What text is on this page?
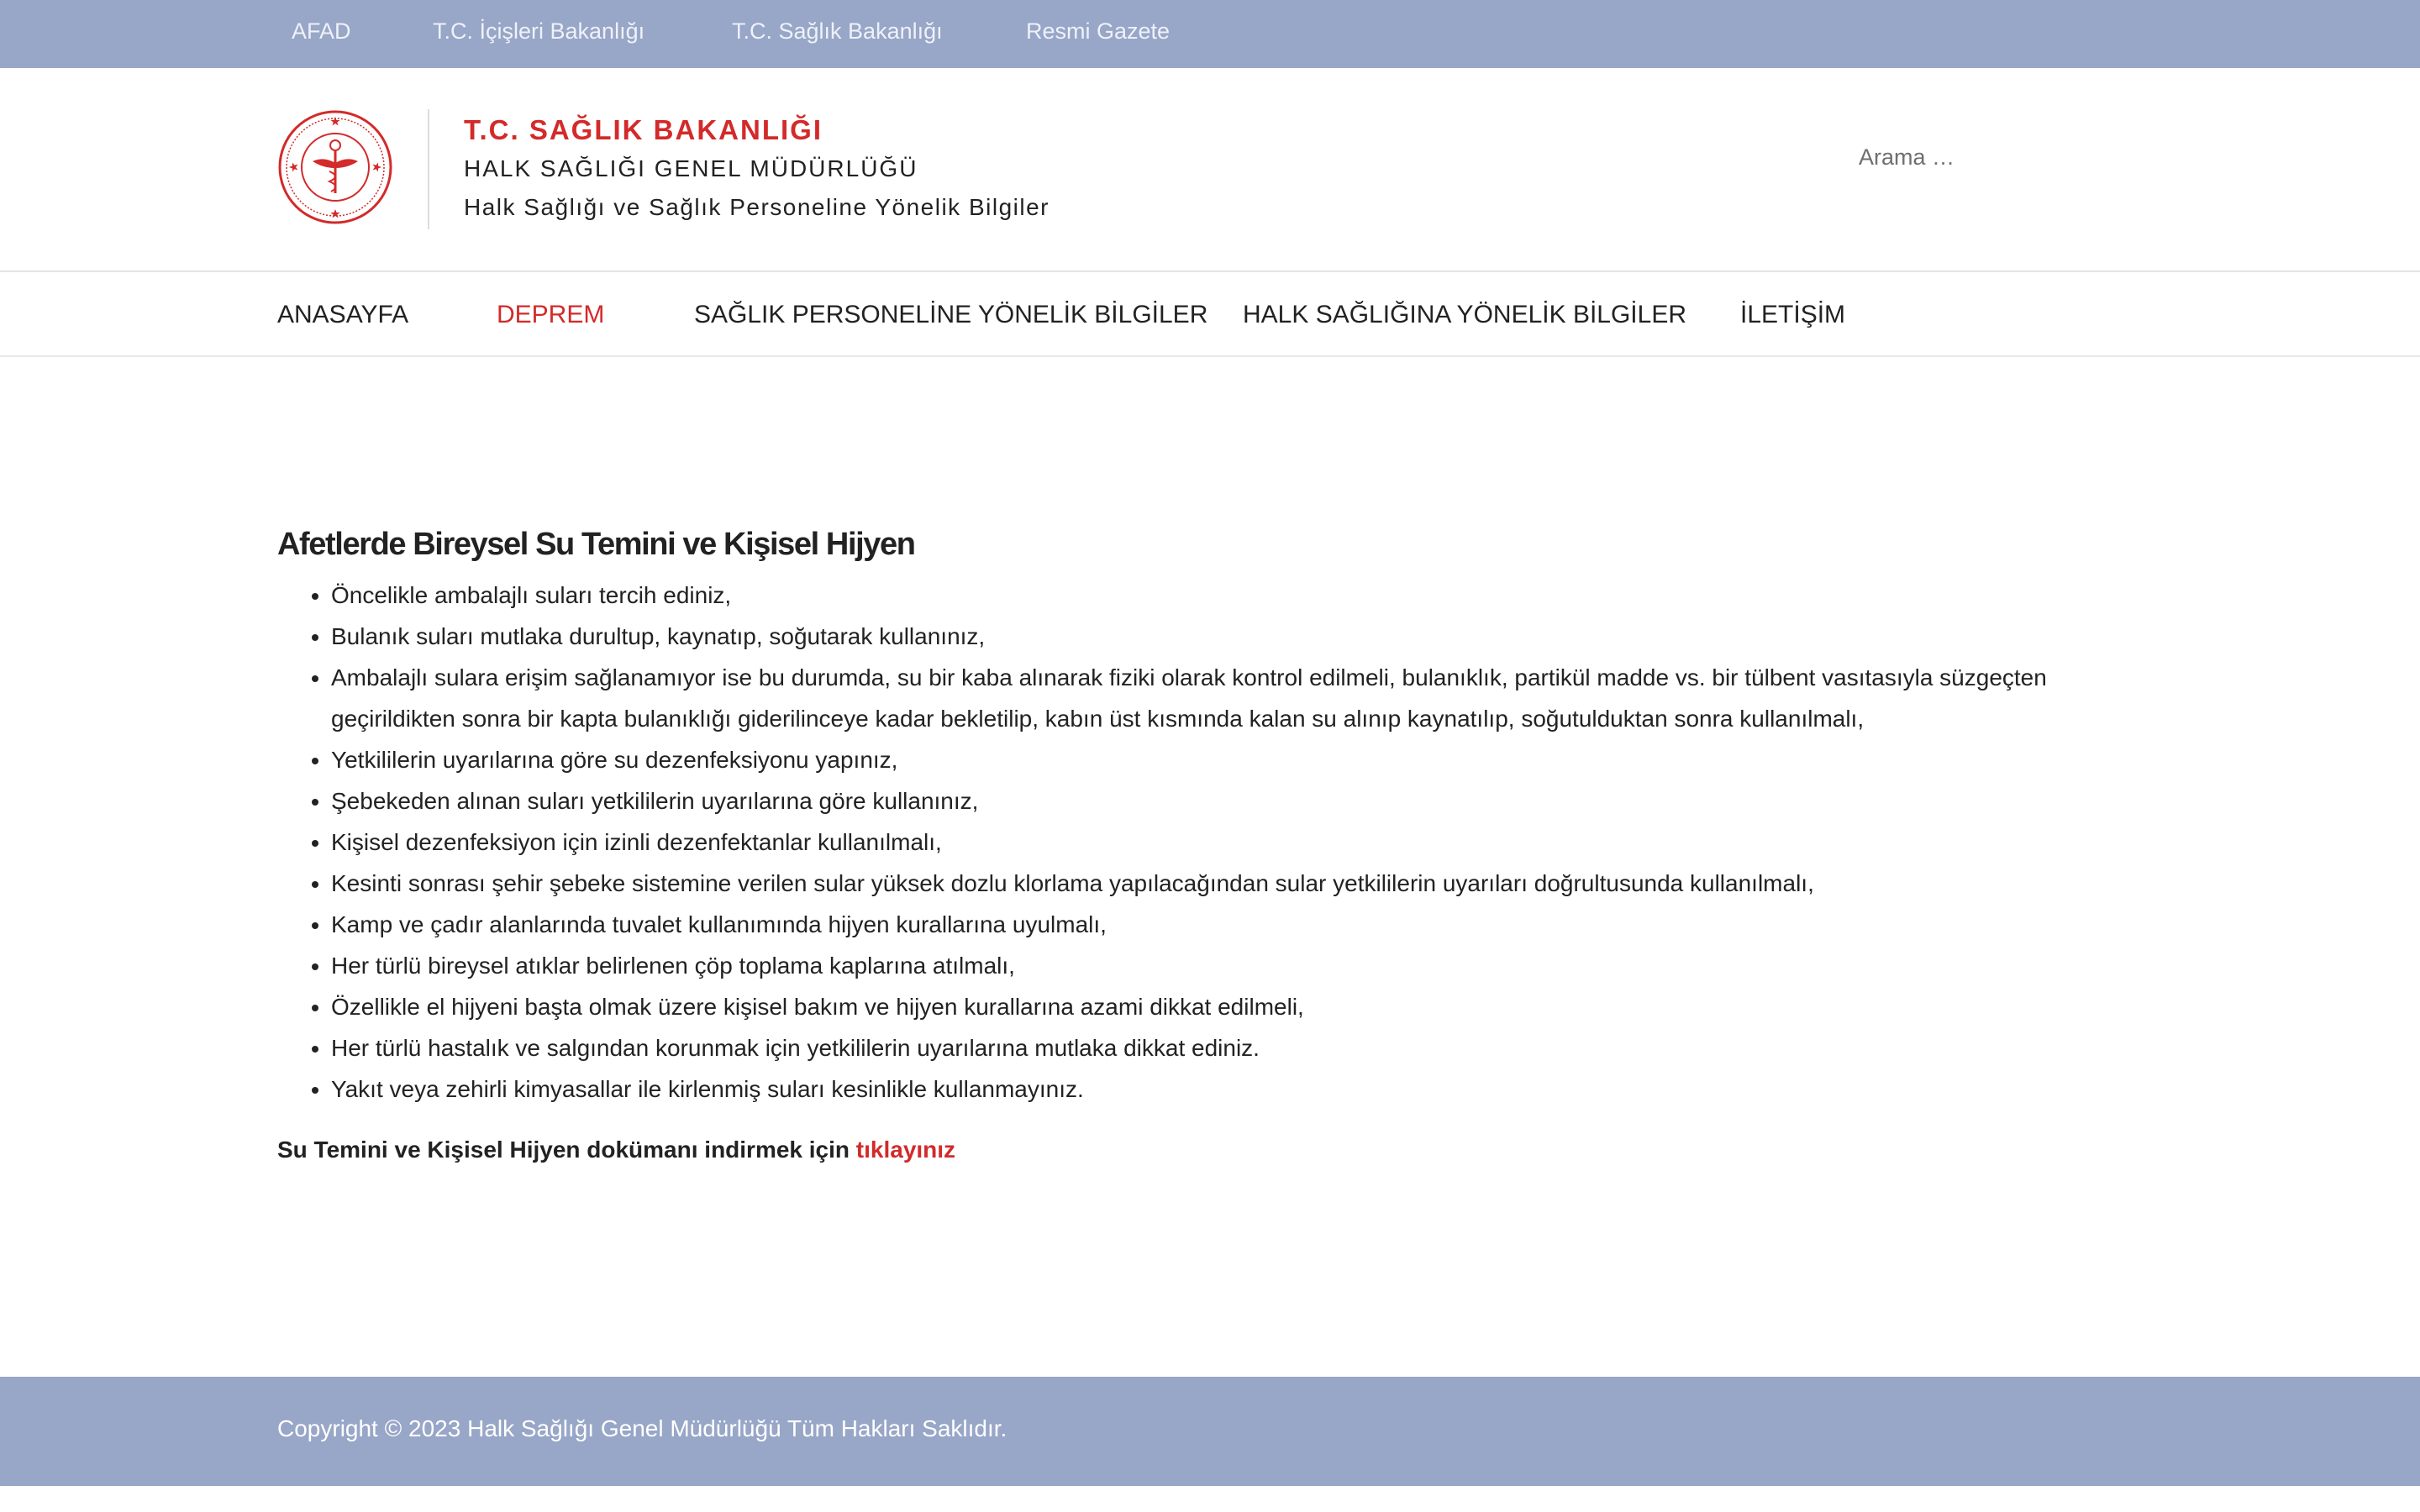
AFAD	T.C. İçişleri Bakanlığı	T.C. Sağlık Bakanlığı	Resmi Gazete
T.C. SAĞLIK BAKANLIĞI
HALK SAĞLIĞI GENEL MÜDÜRLÜĞÜ
Halk Sağlığı ve Sağlık Personeline Yönelik Bilgiler
Arama …
ANASAYFA	DEPREM	SAĞLIK PERSONELİNE YÖNELİK BİLGİLER HALK SAĞLIĞINA YÖNELİK BİLGİLER İLETİŞİM
Afetlerde Bireysel Su Temini ve Kişisel Hijyen
• Öncelikle ambalajlı suları tercih ediniz,
• Bulanık suları mutlaka durultup, kaynatıp, soğutarak kullanınız,
• Ambalajlı sulara erişim sağlanamıyor ise bu durumda, su bir kaba alınarak fiziki olarak kontrol edilmeli, bulanıklık, partikül madde vs. bir tülbent vasıtasıyla süzgeçten geçirildikten sonra bir kapta bulanıklığı giderilinceye kadar bekletilip, kabın üst kısmında kalan su alınıp kaynatılıp, soğutulduktan sonra kullanılmalı,
• Yetkililerin uyarılarına göre su dezenfeksiyonu yapınız,
• Şebekeden alınan suları yetkililerin uyarılarına göre kullanınız,
• Kişisel dezenfeksiyon için izinli dezenfektanlar kullanılmalı,
• Kesinti sonrası şehir şebeke sistemine verilen sular yüksek dozlu klorlama yapılacağından sular yetkililerin uyarıları doğrultusunda kullanılmalı,
• Kamp ve çadır alanlarında tuvalet kullanımında hijyen kurallarına uyulmalı,
• Her türlü bireysel atıklar belirlenen çöp toplama kaplarına atılmalı,
• Özellikle el hijyeni başta olmak üzere kişisel bakım ve hijyen kurallarına azami dikkat edilmeli,
• Her türlü hastalık ve salgından korunmak için yetkililerin uyarılarına mutlaka dikkat ediniz.
• Yakıt veya zehirli kimyasallar ile kirlenmiş suları kesinlikle kullanmayınız.
Su Temini ve Kişisel Hijyen dokümanı indirmek için tıklayınız
Copyright © 2023 Halk Sağlığı Genel Müdürlüğü Tüm Hakları Saklıdır.
